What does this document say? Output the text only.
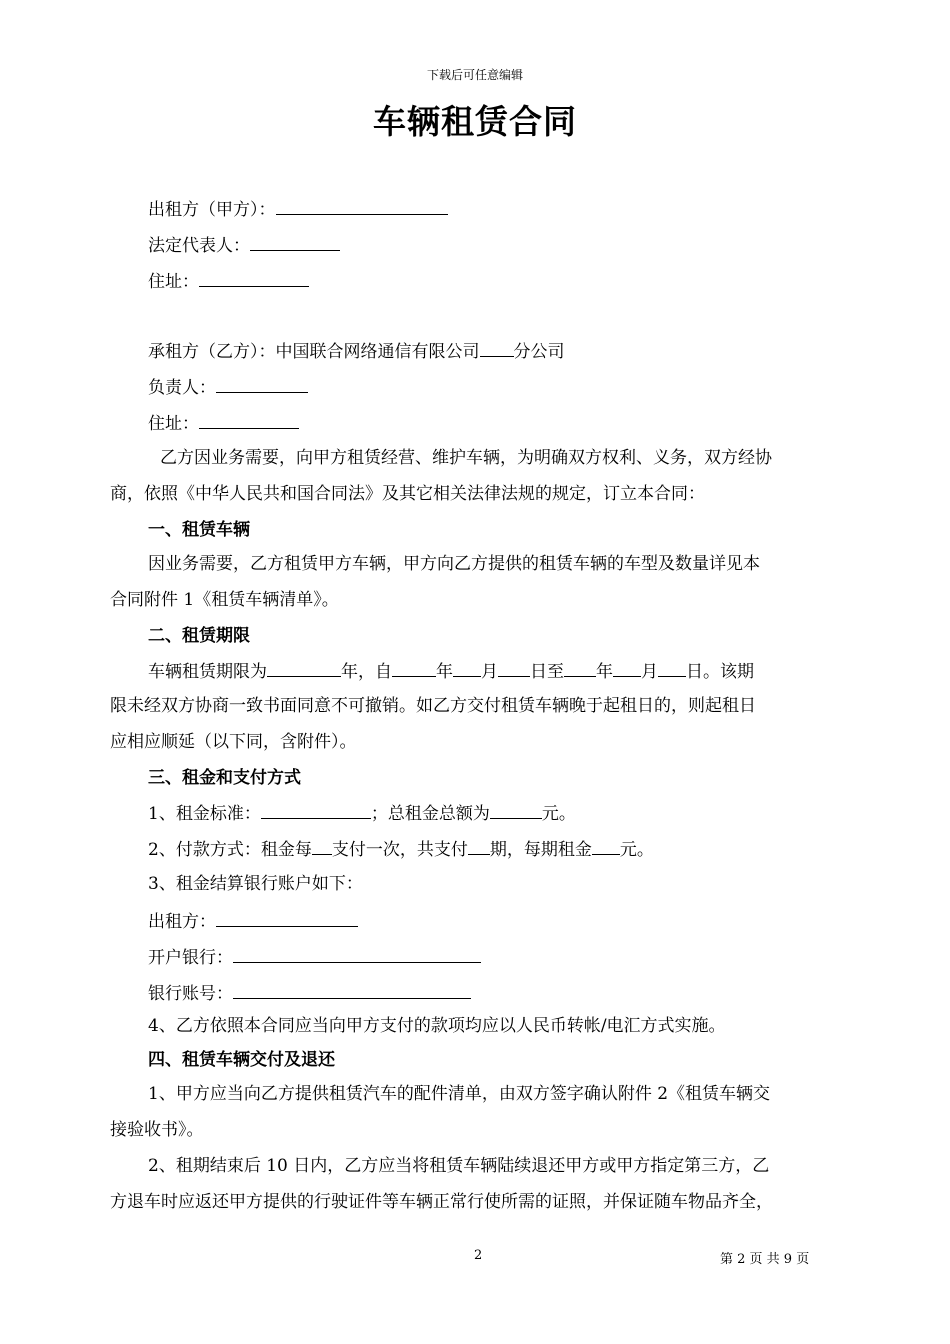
下载后可任意编辑
车辆租赁合同
出租方（甲方）：
法定代表人：
住址：
承租方（乙方）：中国联合网络通信有限公司 分公司
负责人：
住址：
乙方因业务需要，向甲方租赁经营、维护车辆，为明确双方权利、义务，双方经协
商，依照《中华人民共和国合同法》及其它相关法律法规的规定，订立本合同：
一、租赁车辆
因业务需要，乙方租赁甲方车辆，甲方向乙方提供的租赁车辆的车型及数量详见本
合同附件 1《租赁车辆清单》。
二、租赁期限
车辆租赁期限为	年，自	年 月 日至 年 月 日。该期
限未经双方协商一致书面同意不可撤销。如乙方交付租赁车辆晚于起租日的，则起租日
应相应顺延（以下同，含附件）。
三、租金和支付方式
1、租金标准：	；总租金总额为	元。
2、付款方式：租金每 支付一次，共支付 期，每期租金 元。
3、租金结算银行账户如下：
出租方：
开户银行：
银行账号：
4、乙方依照本合同应当向甲方支付的款项均应以人民币转帐/电汇方式实施。
四、租赁车辆交付及退还
1、甲方应当向乙方提供租赁汽车的配件清单，由双方签字确认附件 2《租赁车辆交
接验收书》。
2、租期结束后 10 日内，乙方应当将租赁车辆陆续退还甲方或甲方指定第三方，乙
方退车时应返还甲方提供的行驶证件等车辆正常行使所需的证照，并保证随车物品齐全，
2	第 2 页 共 9 页
